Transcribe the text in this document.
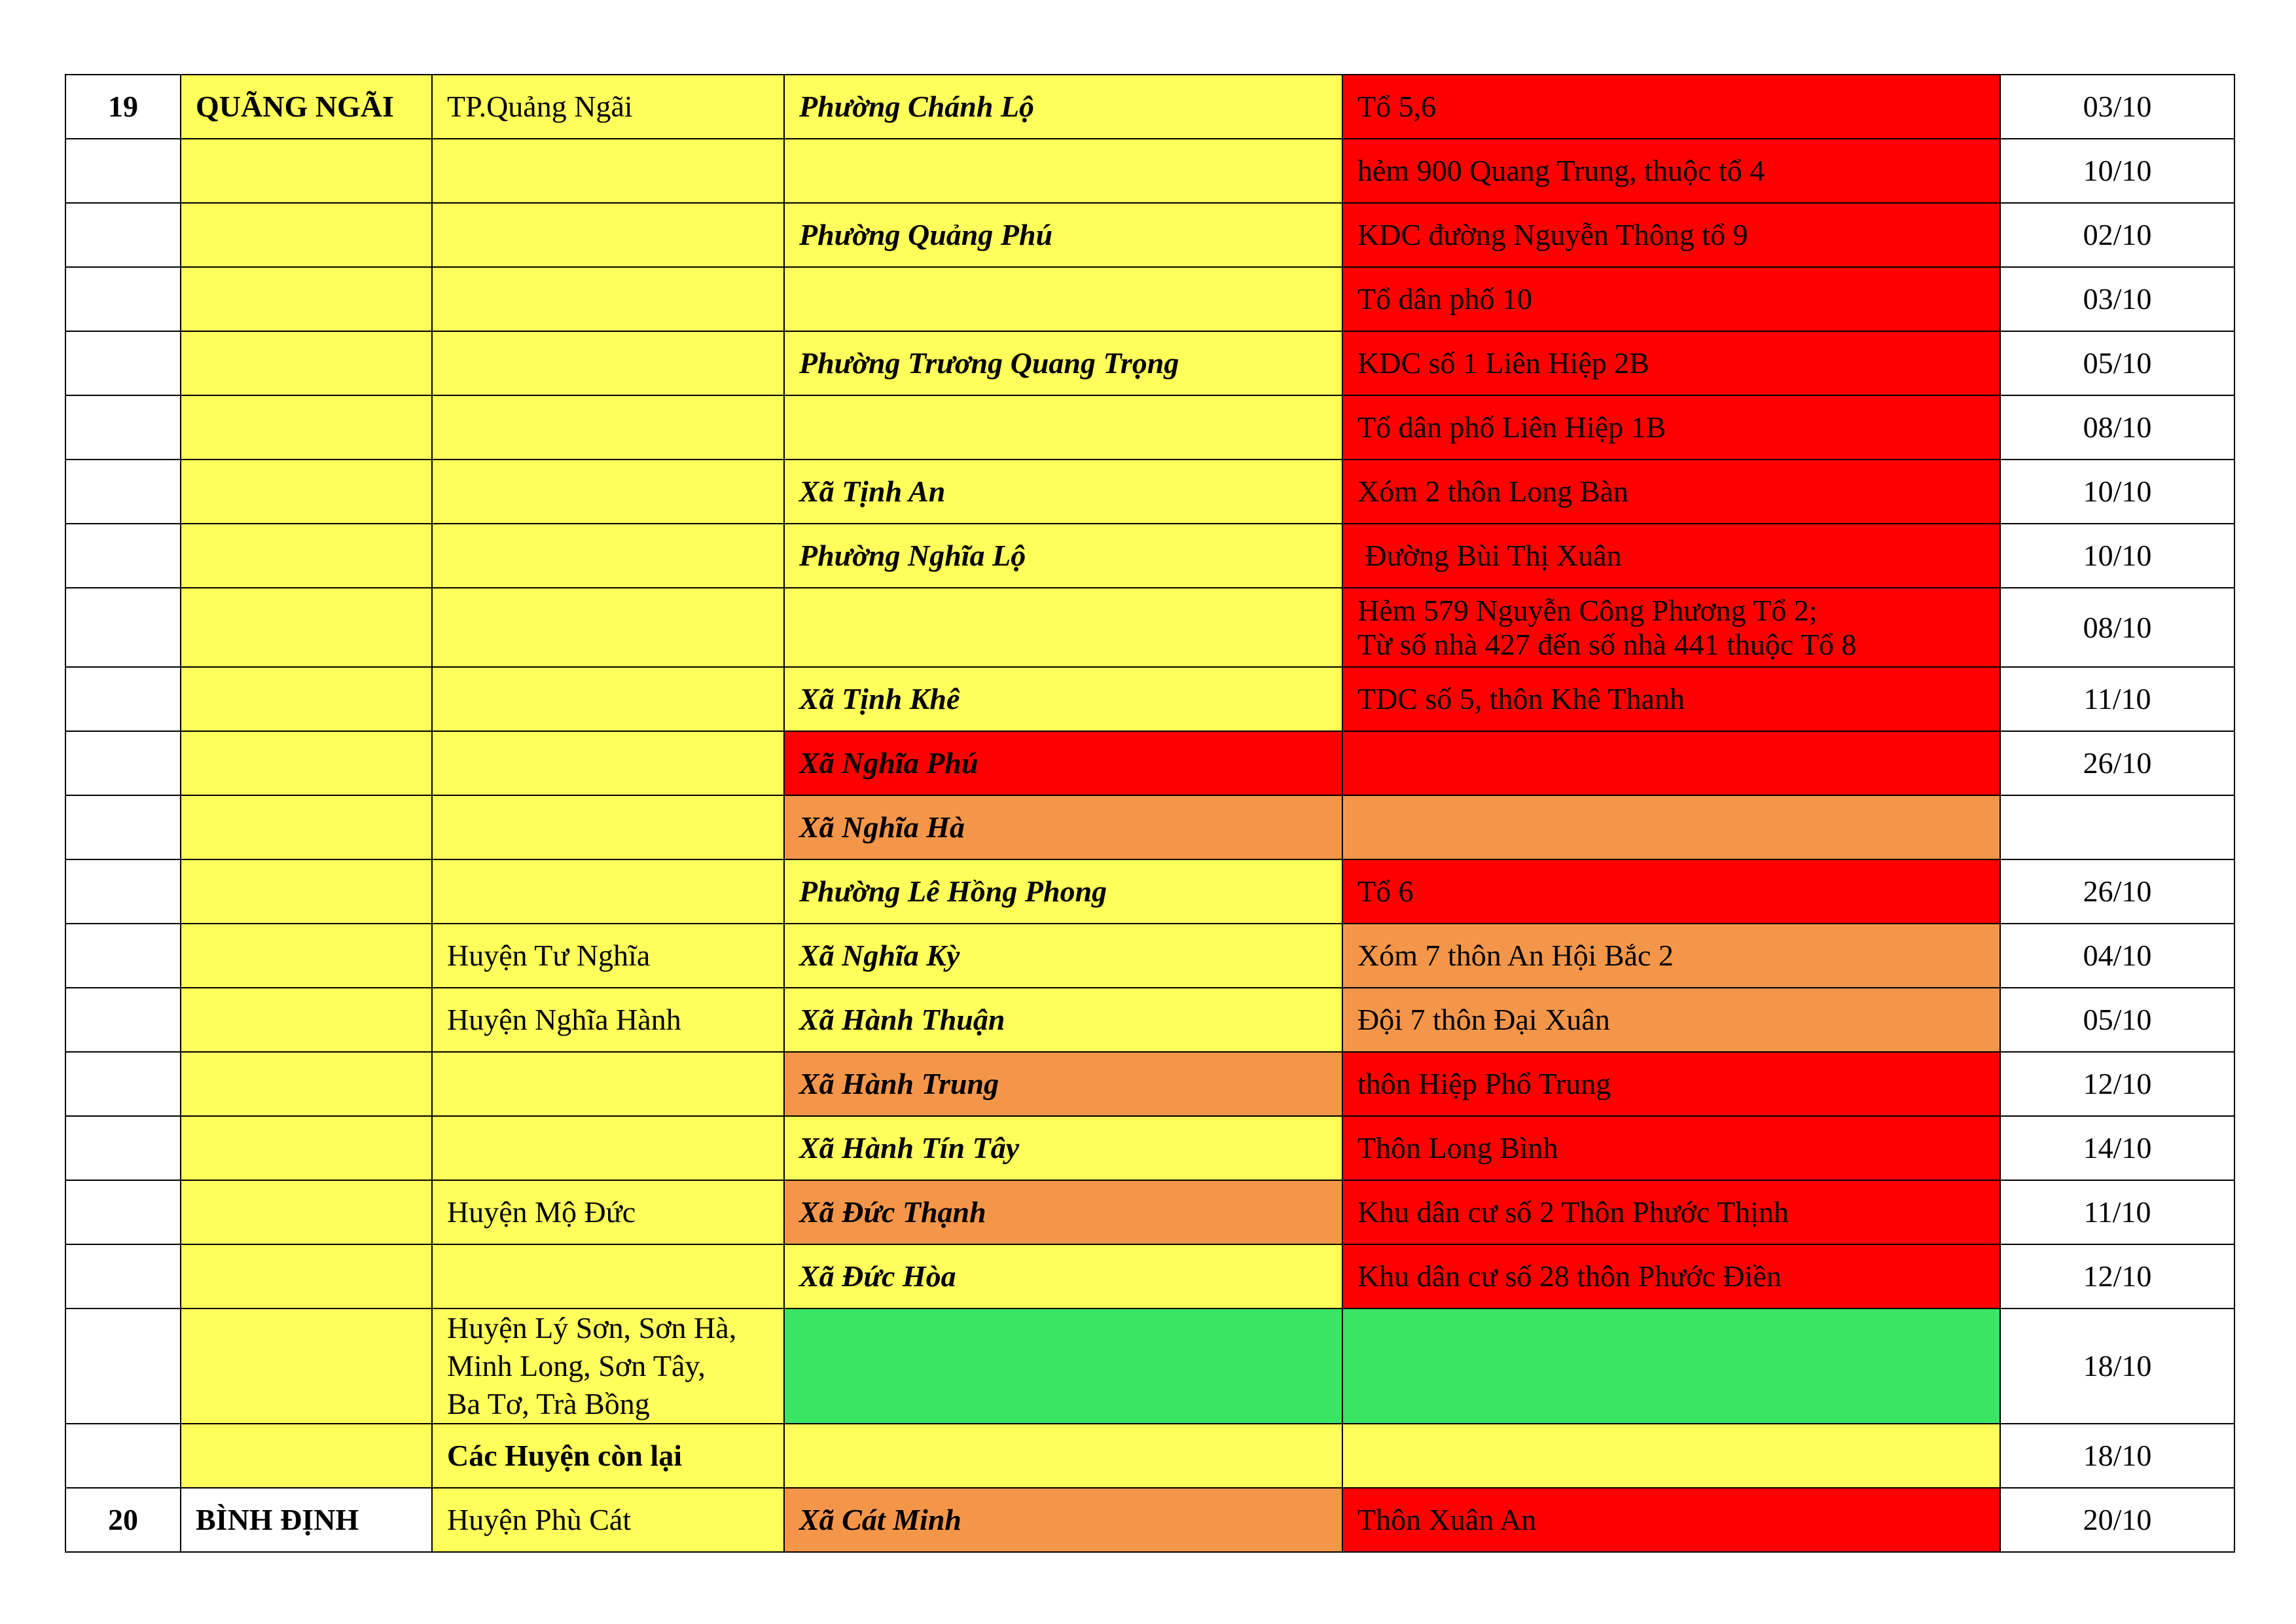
19	QUÃNG NGÃI	TP.Quảng Ngãi	Phường Chánh Lộ	Tổ 5,6	03/10
				hẻm 900 Quang Trung, thuộc tổ 4	10/10
			Phường Quảng Phú	KDC đường Nguyễn Thông tổ 9	02/10
				Tổ dân phố 10	03/10
			Phường Trương Quang Trọng	KDC số 1 Liên Hiệp 2B	05/10
				Tổ dân phố Liên Hiệp 1B	08/10
			Xã Tịnh An	Xóm 2 thôn Long Bàn	10/10
			Phường Nghĩa Lộ	Đường Bùi Thị Xuân	10/10
				Hẻm 579 Nguyễn Công Phương Tổ 2;
Từ số nhà 427 đến số nhà 441 thuộc Tổ 8	08/10
			Xã Tịnh Khê	TDC số 5, thôn Khê Thanh	11/10
			Xã Nghĩa Phú		26/10
			Xã Nghĩa Hà		
			Phường Lê Hồng Phong	Tổ 6	26/10
		Huyện Tư Nghĩa	Xã Nghĩa Kỳ	Xóm 7 thôn An Hội Bắc 2	04/10
		Huyện Nghĩa Hành	Xã Hành Thuận	Đội 7 thôn Đại Xuân	05/10
			Xã Hành Trung	thôn Hiệp Phổ Trung	12/10
			Xã Hành Tín Tây	Thôn Long Bình	14/10
		Huyện Mộ Đức	Xã Đức Thạnh	Khu dân cư số 2 Thôn Phước Thịnh	11/10
			Xã Đức Hòa	Khu dân cư số 28 thôn Phước Điền	12/10
		Huyện Lý Sơn, Sơn Hà,
Minh Long, Sơn Tây,
Ba Tơ, Trà Bồng			18/10
		Các Huyện còn lại			18/10
20	BÌNH ĐỊNH	Huyện Phù Cát	Xã Cát Minh	Thôn Xuân An	20/10
